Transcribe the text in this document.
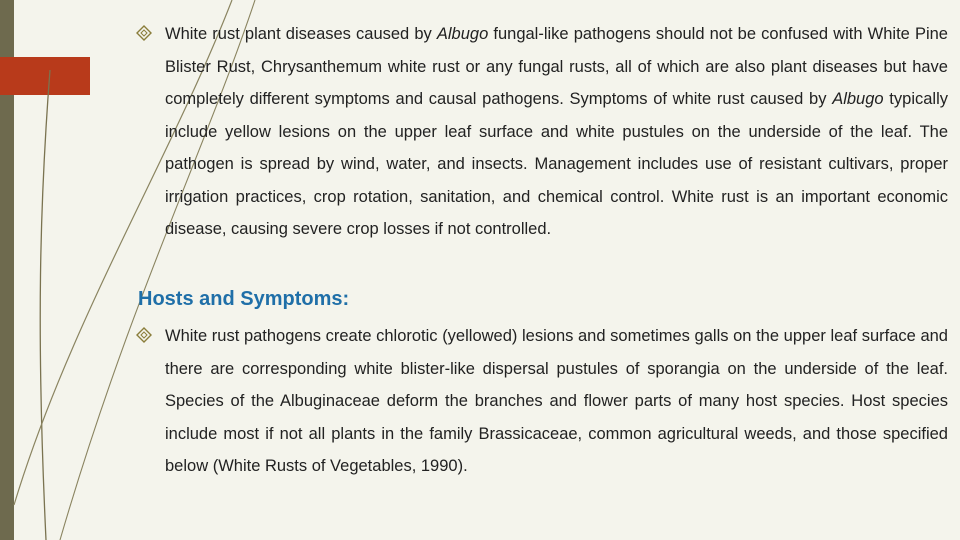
White rust plant diseases caused by Albugo fungal-like pathogens should not be confused with White Pine Blister Rust, Chrysanthemum white rust or any fungal rusts, all of which are also plant diseases but have completely different symptoms and causal pathogens. Symptoms of white rust caused by Albugo typically include yellow lesions on the upper leaf surface and white pustules on the underside of the leaf. The pathogen is spread by wind, water, and insects. Management includes use of resistant cultivars, proper irrigation practices, crop rotation, sanitation, and chemical control. White rust is an important economic disease, causing severe crop losses if not controlled.

Hosts and Symptoms:

White rust pathogens create chlorotic (yellowed) lesions and sometimes galls on the upper leaf surface and there are corresponding white blister-like dispersal pustules of sporangia on the underside of the leaf. Species of the Albuginaceae deform the branches and flower parts of many host species. Host species include most if not all plants in the family Brassicaceae, common agricultural weeds, and those specified below (White Rusts of Vegetables, 1990).
